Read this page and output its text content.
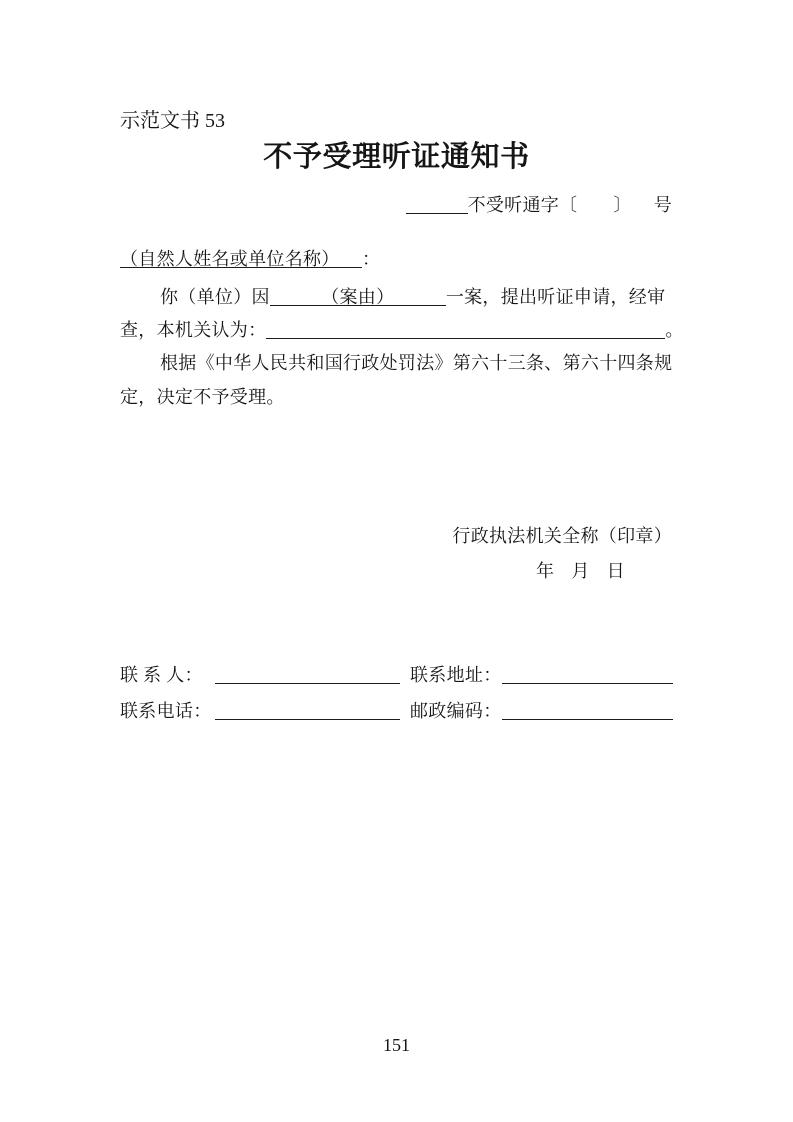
示范文书 53
不予受理听证通知书
不受听通字〔 〕 号
（自然人姓名或单位名称） ：
你（单位）因	（案由）	一案，提出听证申请，经审
查，本机关认为：	。
根据《中华人民共和国行政处罚法》第六十三条、第六十四条规
定，决定不予受理。
行政执法机关全称（印章）
年 月 日
联 系 人：	联系地址：
联系电话：	邮政编码：
151
